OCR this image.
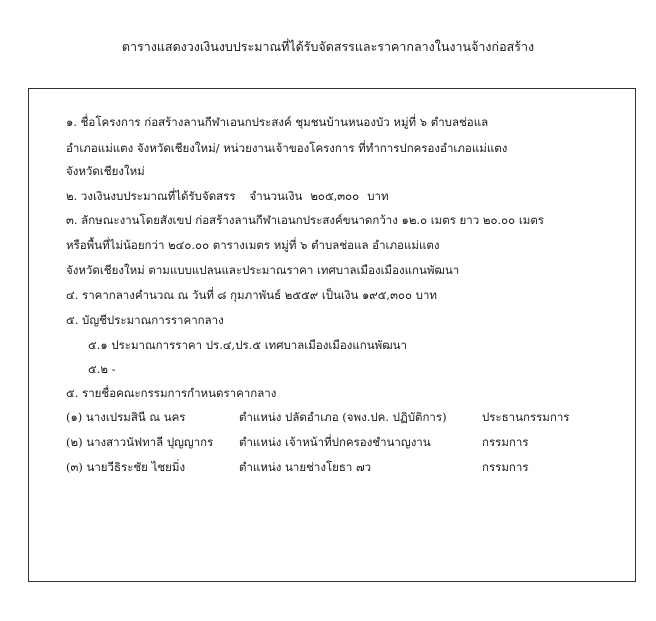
ตารางแสดงวงเงินงบประมาณที่ได้รับจัดสรรและราคากลางในงานจ้างก่อสร้าง
๑. ชื่อโครงการ ก่อสร้างลานกีฬาเอนกประสงค์ ชุมชนบ้านหนองบัว หมู่ที่ ๖ ตำบลช่อแล
อำเภอแม่แตง จังหวัดเชียงใหม่/ หน่วยงานเจ้าของโครงการ ที่ทำการปกครองอำเภอแม่แตง
จังหวัดเชียงใหม่
๒. วงเงินงบประมาณที่ได้รับจัดสรร จำนวนเงิน ๒๐๕,๓๐๐ บาท
๓. ลักษณะงานโดยสังเขป ก่อสร้างลานกีฬาเอนกประสงค์ขนาดกว้าง ๑๒.๐ เมตร ยาว ๒๐.๐๐ เมตร
หรือพื้นที่ไม่น้อยกว่า ๒๔๐.๐๐ ตารางเมตร หมู่ที่ ๖ ตำบลช่อแล อำเภอแม่แตง
จังหวัดเชียงใหม่ ตามแบบแปลนและประมาณราคา เทศบาลเมืองเมืองแกนพัฒนา
๔. ราคากลางคำนวณ ณ วันที่ ๘ กุมภาพันธ์ ๒๕๕๙ เป็นเงิน ๑๙๕,๓๐๐ บาท
๕. บัญชีประมาณการราคากลาง
๕.๑ ประมาณการราคา ปร.๔,ปร.๕ เทศบาลเมืองเมืองแกนพัฒนา
๕.๒ -
๕. รายชื่อคณะกรรมการกำหนดราคากลาง
(๑) นางเปรมสินี ณ นคร	ตำแหน่ง ปลัดอำเภอ (จพง.ปค. ปฏิบัติการ)	ประธานกรรมการ
(๒) นางสาวนัฟทาลี ปุญญากร ตำแหน่ง เจ้าหน้าที่ปกครองชำนาญงาน	กรรมการ
(๓) นายวีธิระชัย ไชยมิ่ง	ตำแหน่ง นายช่างโยธา ๗ว	กรรมการ
